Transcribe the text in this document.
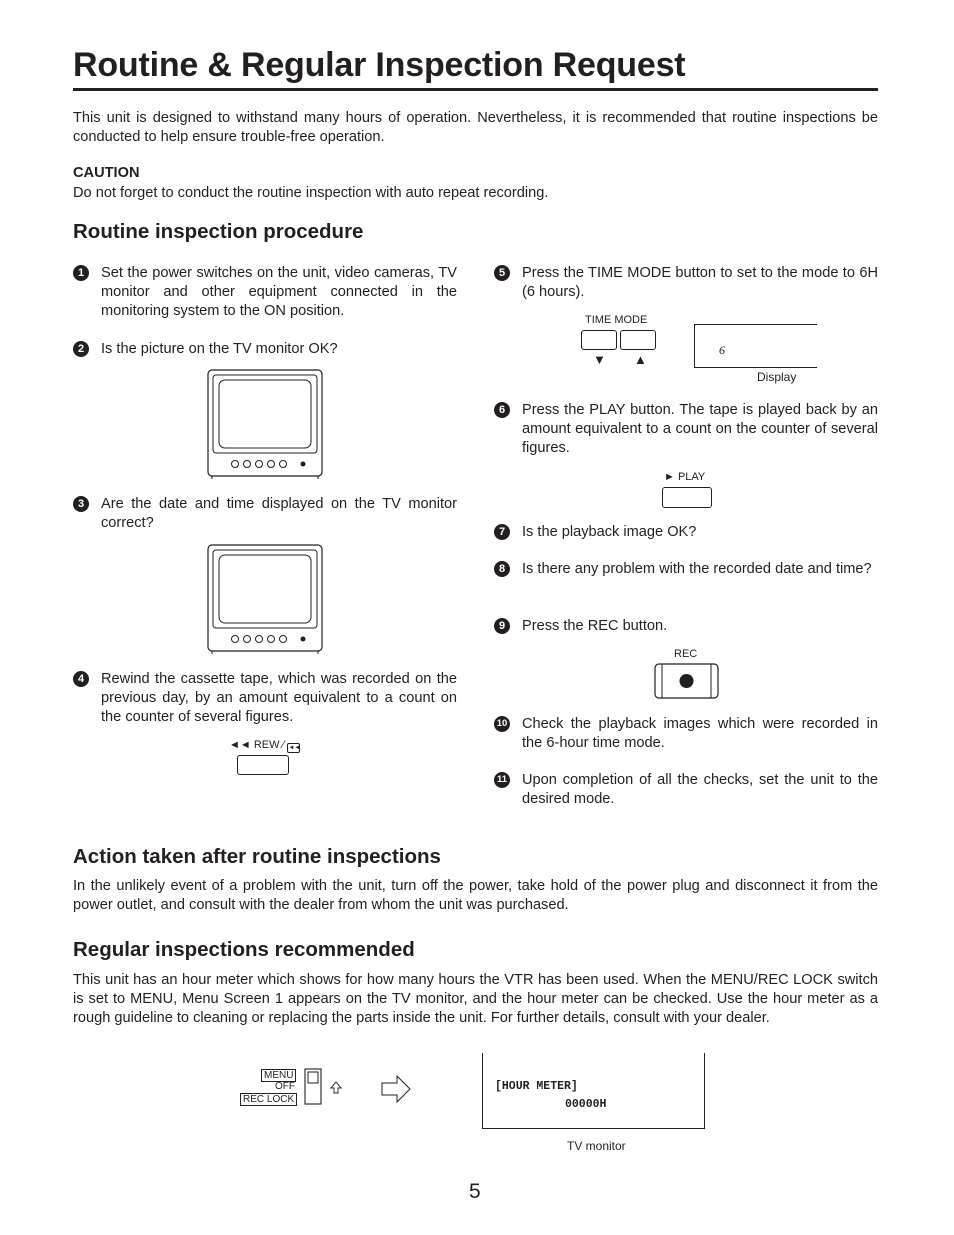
Routine & Regular Inspection Request
This unit is designed to withstand many hours of operation. Nevertheless, it is recommended that routine inspections be conducted to help ensure trouble-free operation.
CAUTION
Do not forget to conduct the routine inspection with auto repeat recording.
Routine inspection procedure
1	Set the power switches on the unit, video cameras, TV monitor and other equipment connected in the monitoring system to the ON position.
2	Is the picture on the TV monitor OK?
3	Are the date and time displayed on the TV monitor correct?
4	Rewind the cassette tape, which was recorded on the previous day, by an amount equivalent to a count on the counter of several figures.
◄◄ REW ∕ ◄◄
5	Press the TIME MODE button to set to the mode to 6H (6 hours).
TIME MODE
▼ ▲
6
Display
6	Press the PLAY button. The tape is played back by an amount equivalent to a count on the counter of several figures.
► PLAY
7	Is the playback image OK?
8	Is there any problem with the recorded date and time?
9	Press the REC button.
REC
10 Check the playback images which were recorded in the 6-hour time mode.
11 Upon completion of all the checks, set the unit to the desired mode.
Action taken after routine inspections
In the unlikely event of a problem with the unit, turn off the power, take hold of the power plug and disconnect it from the power outlet, and consult with the dealer from whom the unit was purchased.
Regular inspections recommended
This unit has an hour meter which shows for how many hours the VTR has been used. When the MENU/REC LOCK switch is set to MENU, Menu Screen 1 appears on the TV monitor, and the hour meter can be checked. Use the hour meter as a rough guideline to cleaning or replacing the parts inside the unit. For further details, consult with your dealer.
MENU
OFF
REC LOCK
[HOUR METER]
00000H
TV monitor
5
